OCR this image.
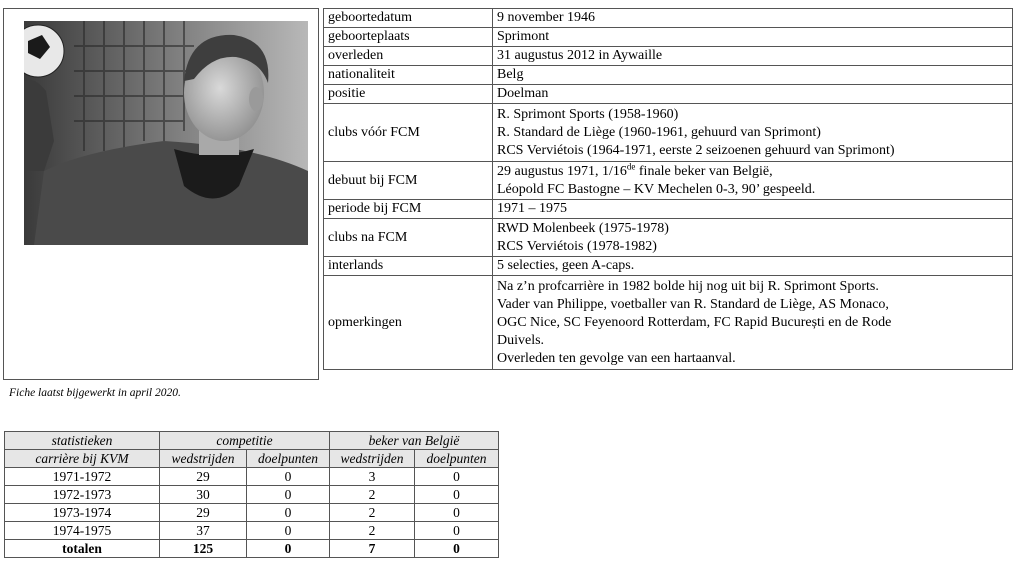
geboortedatum	9 november 1946
geboorteplaats	Sprimont
overleden	31 augustus 2012 in Aywaille
nationaliteit	Belg
positie	Doelman
clubs vóór FCM	R. Sprimont Sports (1958-1960)
R. Standard de Liège (1960-1961, gehuurd van Sprimont)
RCS Verviétois (1964-1971, eerste 2 seizoenen gehuurd van Sprimont)

debuut bij FCM	29 augustus 1971, 1/16de finale beker van België,
Léopold FC Bastogne – KV Mechelen 0-3, 90’ gespeeld.

periode bij FCM	1971 – 1975
clubs na FCM	RWD Molenbeek (1975-1978)
RCS Verviétois (1978-1982)

interlands	5 selecties, geen A-caps.
opmerkingen	Na z’n profcarrière in 1982 bolde hij nog uit bij R. Sprimont Sports.
Vader van Philippe, voetballer van R. Standard de Liège, AS Monaco,
OGC Nice, SC Feyenoord Rotterdam, FC Rapid București en de Rode
Duivels.
Overleden ten gevolge van een hartaanval.
Fiche laatst bijgewerkt in april 2020.
statistieken	competitie		beker van België	
carrière bij KVM	wedstrijden	doelpunten	wedstrijden	doelpunten
1971-1972	29	0	3	0
1972-1973	30	0	2	0
1973-1974	29	0	2	0
1974-1975	37	0	2	0
totalen	125	0	7	0
